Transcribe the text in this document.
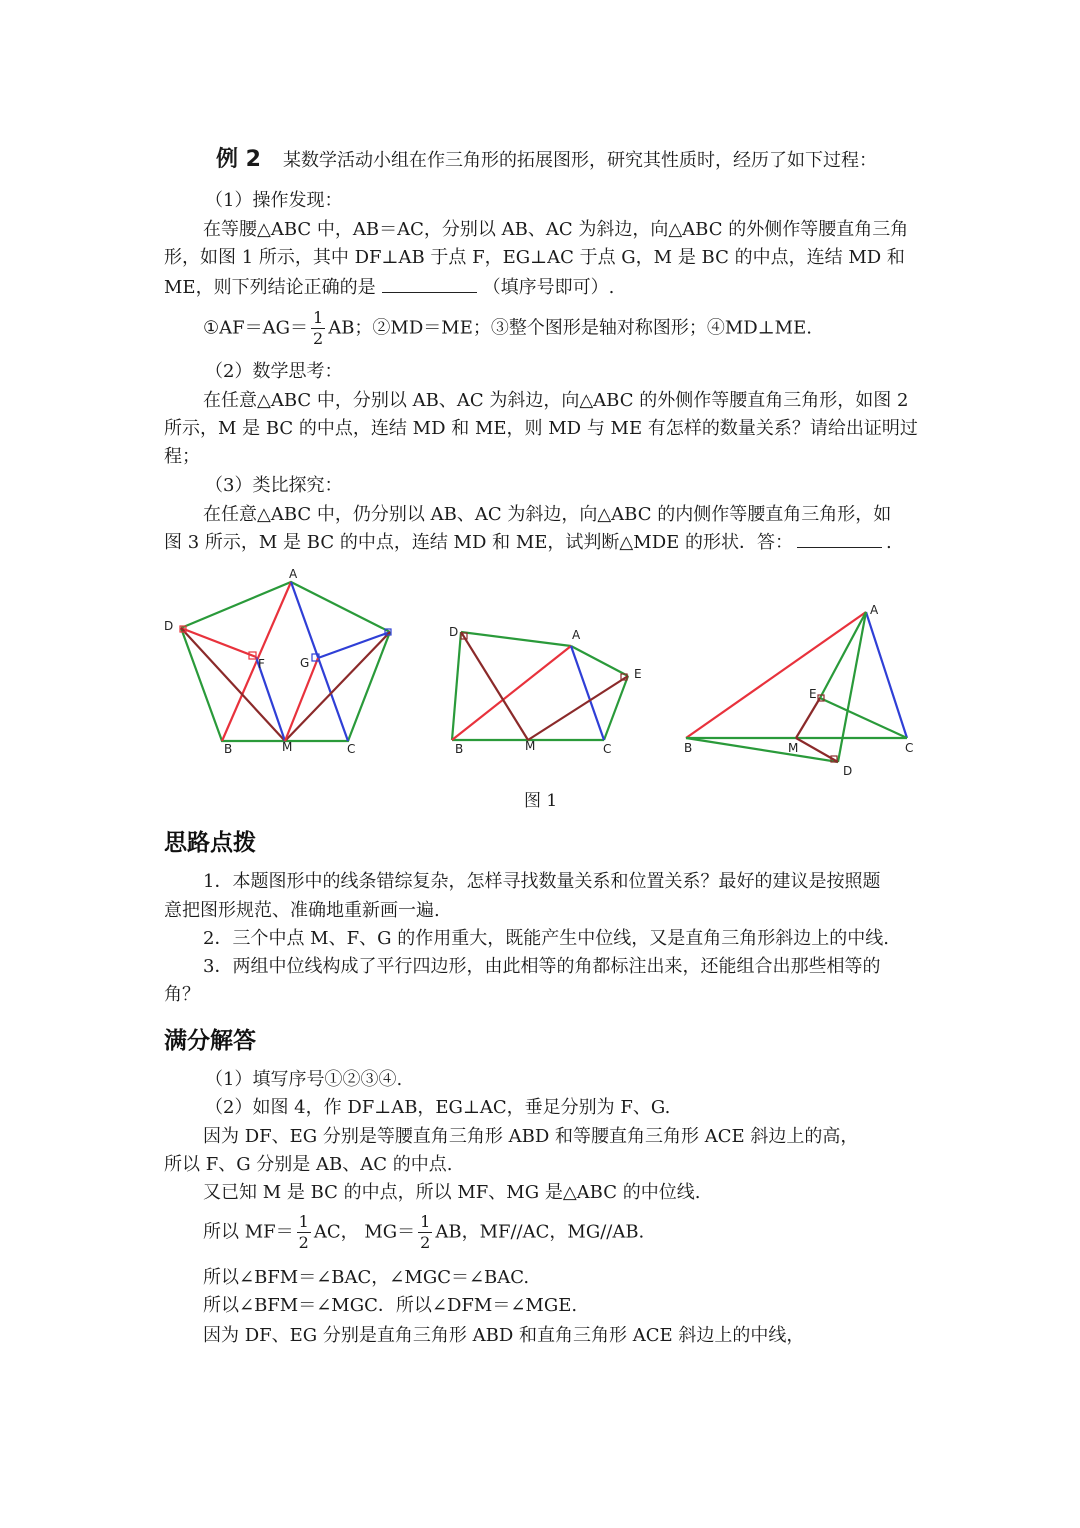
例 2 某数学活动小组在作三角形的拓展图形，研究其性质时，经历了如下过程：
（1）操作发现：
在等腰△ABC 中，AB＝AC，分别以 AB、AC 为斜边，向△ABC 的外侧作等腰直角三角
形，如图 1 所示，其中 DF⊥AB 于点 F，EG⊥AC 于点 G，M 是 BC 的中点，连结 MD 和
ME，则下列结论正确的是	（填序号即可）.
①AF＝AG＝ $\frac{1}{2}$ AB；②MD＝ME；③整个图形是轴对称图形；④MD⊥ME.
（2）数学思考：
在任意△ABC 中，分别以 AB、AC 为斜边，向△ABC 的外侧作等腰直角三角形，如图 2
所示，M 是 BC 的中点，连结 MD 和 ME，则 MD 与 ME 有怎样的数量关系？请给出证明过
程；
（3）类比探究：
在任意△ABC 中，仍分别以 AB、AC 为斜边，向△ABC 的内侧作等腰直角三角形，如
图 3 所示，M 是 BC 的中点，连结 MD 和 ME，试判断△MDE 的形状．答：	.
A
D
F	G
B	M	C
A
D
E
B	M	C
A
E
B	M	C
D
图 1
思路点拨
1．本题图形中的线条错综复杂，怎样寻找数量关系和位置关系？最好的建议是按照题
意把图形规范、准确地重新画一遍.
2．三个中点 M、F、G 的作用重大，既能产生中位线，又是直角三角形斜边上的中线.
3．两组中位线构成了平行四边形，由此相等的角都标注出来，还能组合出那些相等的
角？
满分解答
（1）填写序号①②③④.
（2）如图 4，作 DF⊥AB，EG⊥AC，垂足分别为 F、G.
因为 DF、EG 分别是等腰直角三角形 ABD 和等腰直角三角形 ACE 斜边上的高，
所以 F、G 分别是 AB、AC 的中点.
又已知 M 是 BC 的中点，所以 MF、MG 是△ABC 的中位线.
所以 $MF= \frac{1}{2}$ AC， $MG= \frac{1}{2}$ AB，MF//AC，MG//AB.
所以∠BFM＝∠BAC，∠MGC＝∠BAC.
所以∠BFM＝∠MGC．所以∠DFM＝∠MGE.
因为 DF、EG 分别是直角三角形 ABD 和直角三角形 ACE 斜边上的中线，
